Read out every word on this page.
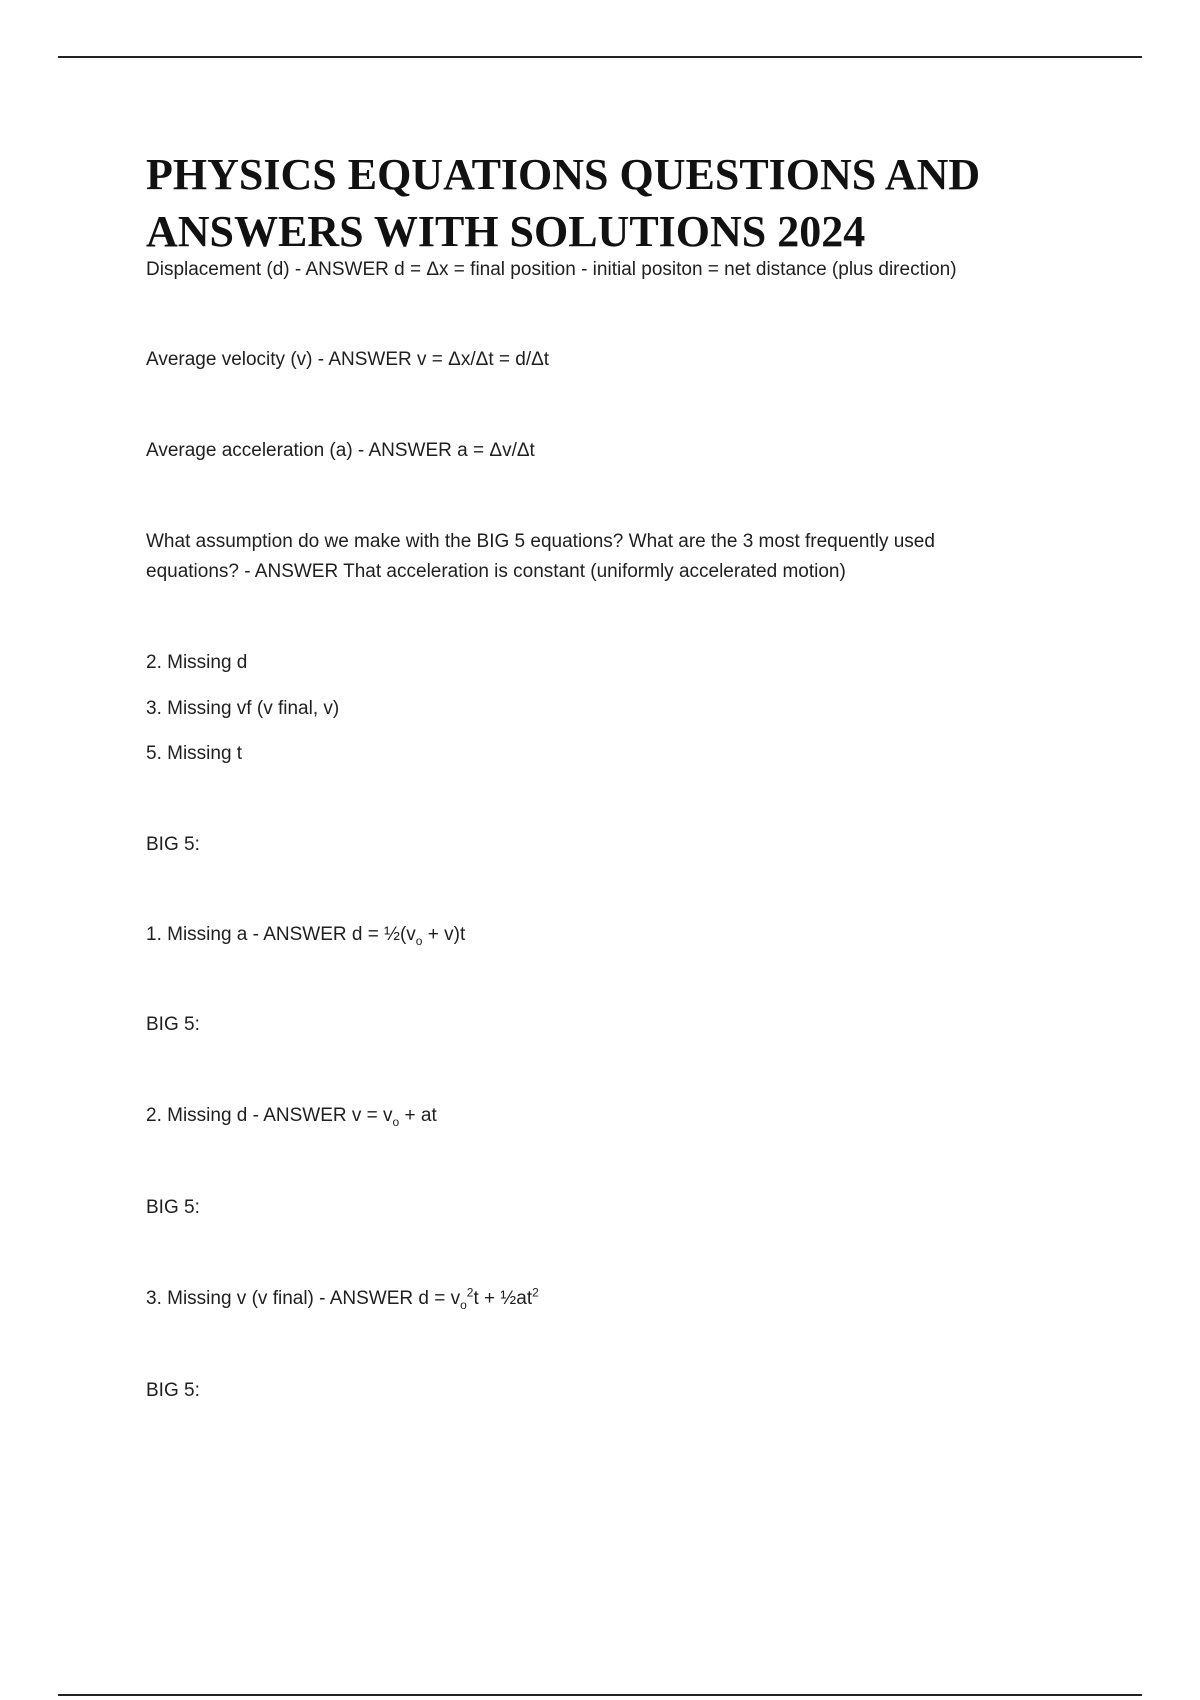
PHYSICS EQUATIONS QUESTIONS AND
ANSWERS WITH SOLUTIONS 2024

Displacement (d) - ANSWER d = Δx = final position - initial positon = net distance (plus direction)

Average velocity (v) - ANSWER v = Δx/Δt = d/Δt

Average acceleration (a) - ANSWER a = Δv/Δt

What assumption do we make with the BIG 5 equations? What are the 3 most frequently used

equations? - ANSWER That acceleration is constant (uniformly accelerated motion)

2. Missing d

3. Missing vf (v final, v)

5. Missing t

BIG 5:

1. Missing a - ANSWER $d = \frac{1}{2}(v_o + v)t$

BIG 5:

2. Missing d - ANSWER $v = v_o$ + at

BIG 5:

3. Missing v (v final) - ANSWER $d = v_o^2t$ + $\frac{1}{2}at^2$

BIG 5:
